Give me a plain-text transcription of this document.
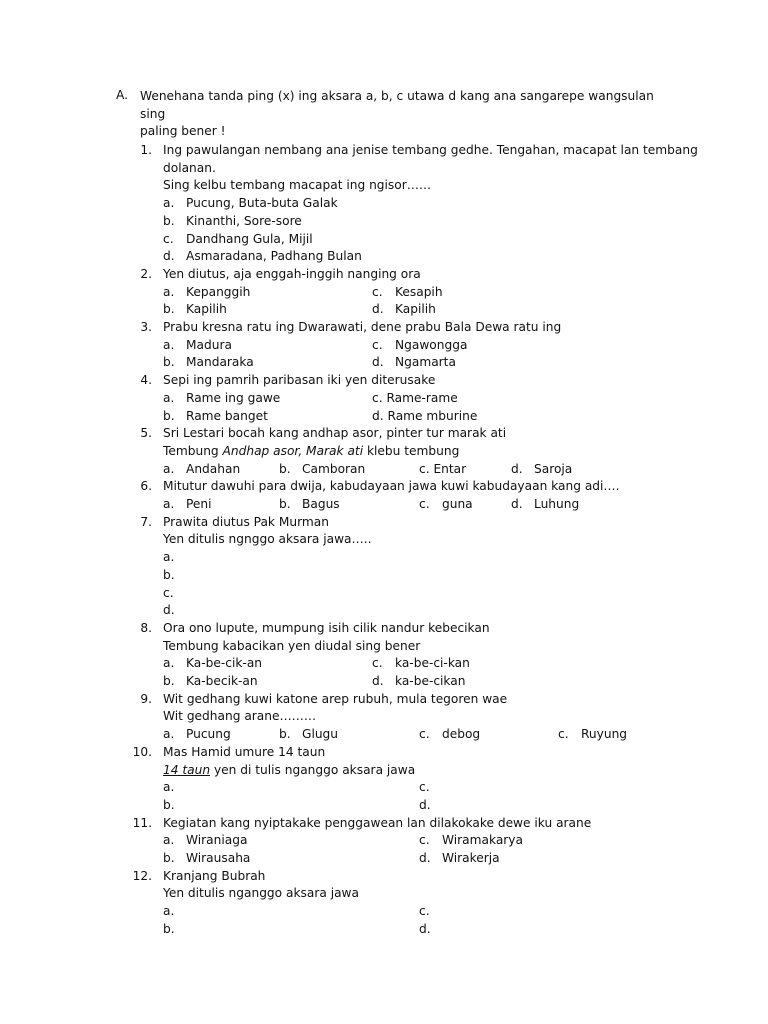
A. Wenehana tanda ping (x) ing aksara a, b, c utawa d kang ana sangarepe wangsulan sing
paling bener !
1. Ing pawulangan nembang ana jenise tembang gedhe. Tengahan, macapat lan tembang
dolanan.
Sing kelbu tembang macapat ing ngisor……
a. Pucung, Buta-buta Galak
b. Kinanthi, Sore-sore
c. Dandhang Gula, Mijil
d. Asmaradana, Padhang Bulan
2. Yen diutus, aja enggah-inggih nanging ora
a. Kepanggih	c. Kesapih
b. Kapilih	d. Kapilih
3. Prabu kresna ratu ing Dwarawati, dene prabu Bala Dewa ratu ing
a. Madura	c. Ngawongga
b. Mandaraka	d. Ngamarta
4. Sepi ing pamrih paribasan iki yen diterusake
a. Rame ing gawe	c. Rame-rame
b. Rame banget	d. Rame mburine
5. Sri Lestari bocah kang andhap asor, pinter tur marak ati
Tembung Andhap asor, Marak ati klebu tembung
a. Andahan	b. Camboran	c. Entar	d. Saroja
6. Mitutur dawuhi para dwija, kabudayaan jawa kuwi kabudayaan kang adi….
a. Peni	b. Bagus	c. guna	d. Luhung
7. Prawita diutus Pak Murman
Yen ditulis ngnggo aksara jawa…..
a.
b.
c.
d.
8. Ora ono lupute, mumpung isih cilik nandur kebecikan
Tembung kabacikan yen diudal sing bener
a. Ka-be-cik-an	c. ka-be-ci-kan
b. Ka-becik-an	d. ka-be-cikan
9. Wit gedhang kuwi katone arep rubuh, mula tegoren wae
Wit gedhang arane………
a. Pucung	b. Glugu	c. debog	c. Ruyung
10. Mas Hamid umure 14 taun
14 taun yen di tulis nganggo aksara jawa
a.	c.
b.	d.
11. Kegiatan kang nyiptakake penggawean lan dilakokake dewe iku arane
a. Wiraniaga	c. Wiramakarya
b. Wirausaha	d. Wirakerja
12. Kranjang Bubrah
Yen ditulis nganggo aksara jawa
a.	c.
b.	d.
